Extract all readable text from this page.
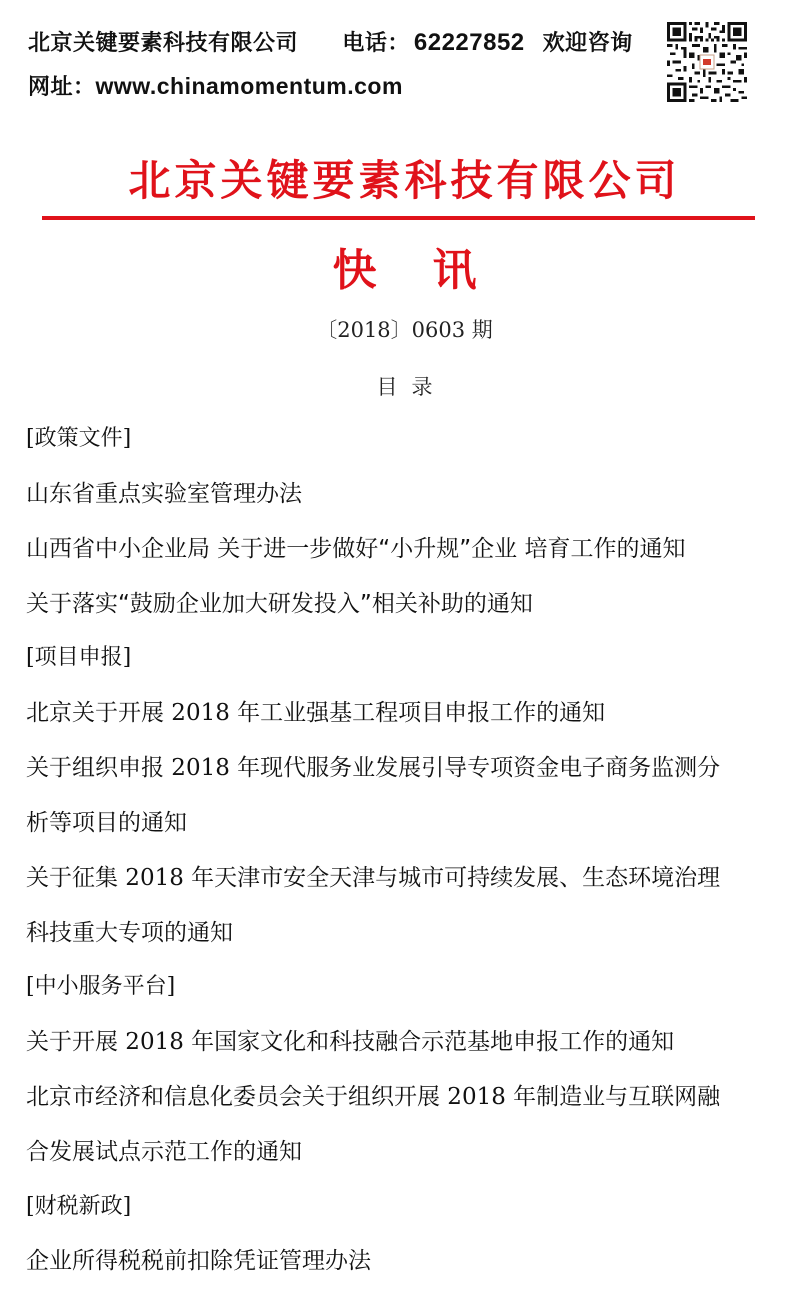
北京关键要素科技有限公司 电话： 62227852 欢迎咨询
网址：www.chinamomentum.com
北京关键要素科技有限公司
快讯
〔2018〕0603 期
目录
[政策文件]
山东省重点实验室管理办法
山西省中小企业局 关于进一步做好“小升规”企业 培育工作的通知
关于落实“鼓励企业加大研发投入”相关补助的通知
[项目申报]
北京关于开展 2018 年工业强基工程项目申报工作的通知
关于组织申报 2018 年现代服务业发展引导专项资金电子商务监测分
析等项目的通知
关于征集 2018 年天津市安全天津与城市可持续发展、生态环境治理
科技重大专项的通知
[中小服务平台]
关于开展 2018 年国家文化和科技融合示范基地申报工作的通知
北京市经济和信息化委员会关于组织开展 2018 年制造业与互联网融
合发展试点示范工作的通知
[财税新政]
企业所得税税前扣除凭证管理办法
